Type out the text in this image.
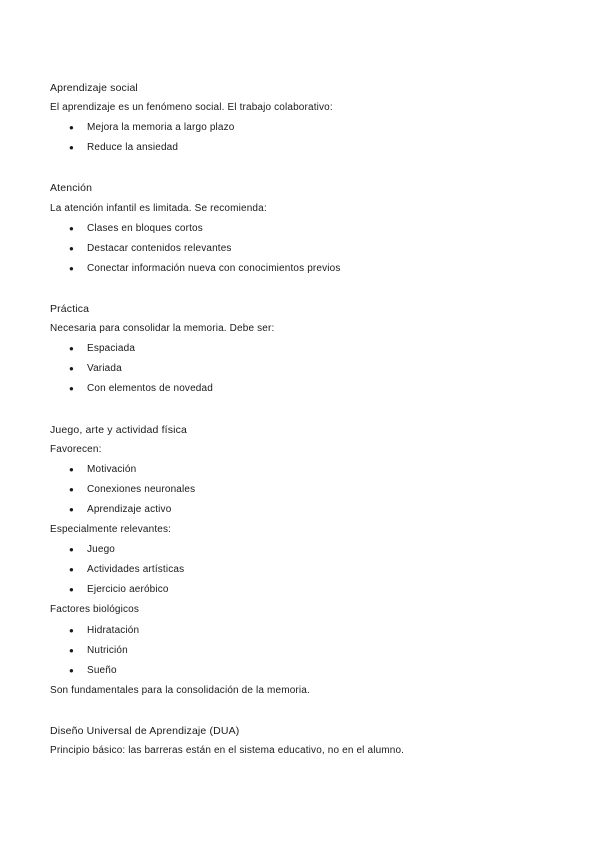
Aprendizaje social
El aprendizaje es un fenómeno social. El trabajo colaborativo:
● Mejora la memoria a largo plazo
● Reduce la ansiedad
Atención
La atención infantil es limitada. Se recomienda:
● Clases en bloques cortos
● Destacar contenidos relevantes
● Conectar información nueva con conocimientos previos
Práctica
Necesaria para consolidar la memoria. Debe ser:
● Espaciada
● Variada
● Con elementos de novedad
Juego, arte y actividad física
Favorecen:
● Motivación
● Conexiones neuronales
● Aprendizaje activo
Especialmente relevantes:
● Juego
● Actividades artísticas
● Ejercicio aeróbico
Factores biológicos
● Hidratación
● Nutrición
● Sueño
Son fundamentales para la consolidación de la memoria.
Diseño Universal de Aprendizaje (DUA)
Principio básico: las barreras están en el sistema educativo, no en el alumno.
